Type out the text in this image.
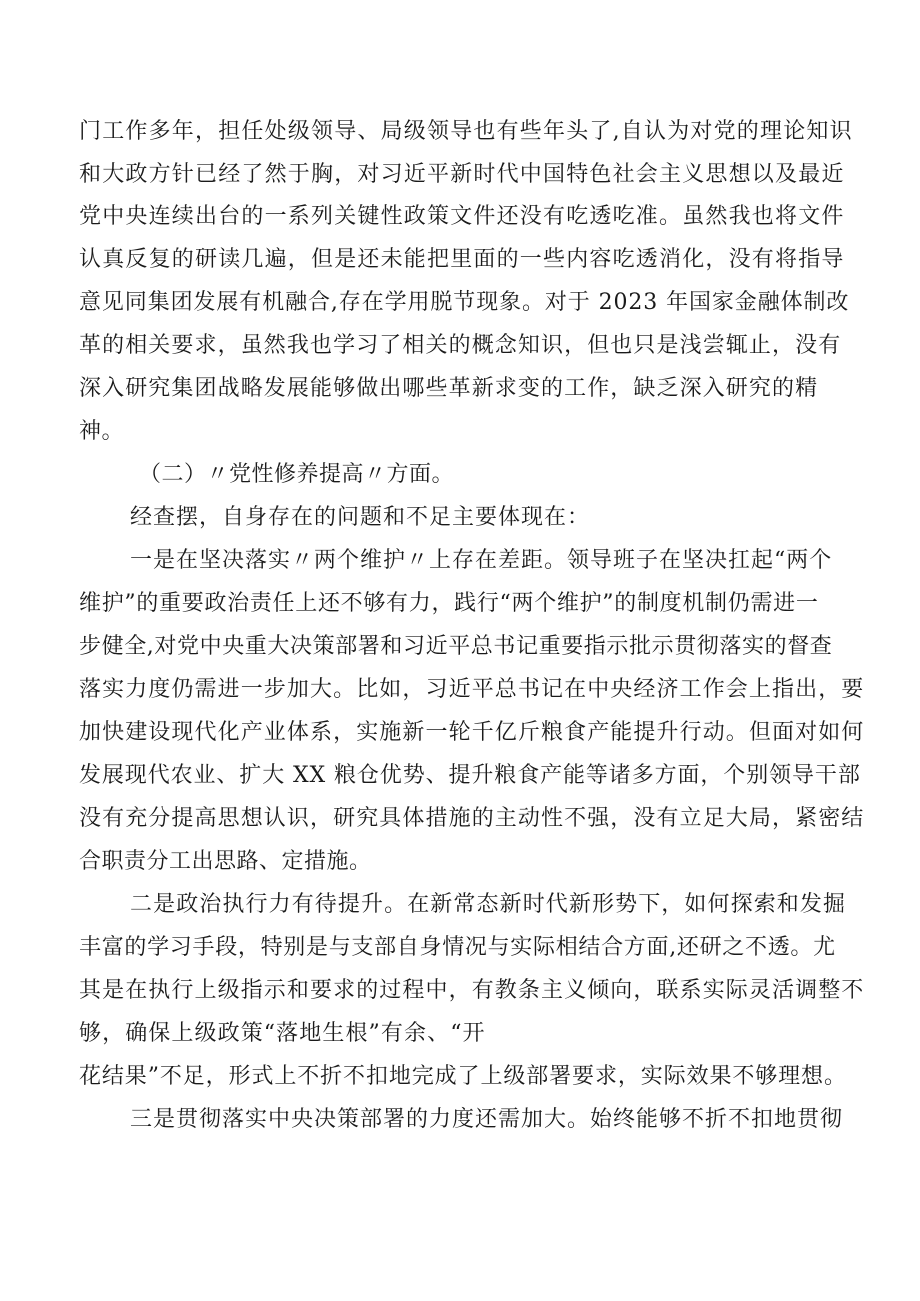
门工作多年，担任处级领导、局级领导也有些年头了,自认为对党的理论知识
和大政方针已经了然于胸，对习近平新时代中国特色社会主义思想以及最近
党中央连续出台的一系列关键性政策文件还没有吃透吃准。虽然我也将文件
认真反复的研读几遍，但是还未能把里面的一些内容吃透消化，没有将指导
意见同集团发展有机融合,存在学用脱节现象。对于 2023 年国家金融体制改
革的相关要求，虽然我也学习了相关的概念知识，但也只是浅尝辄止，没有
深入研究集团战略发展能够做出哪些革新求变的工作，缺乏深入研究的精
神。
（二）〃党性修养提高〃方面。
经查摆，自身存在的问题和不足主要体现在：
一是在坚决落实〃两个维护〃上存在差距。领导班子在坚决扛起“两个
维护”的重要政治责任上还不够有力，践行“两个维护”的制度机制仍需进一
步健全,对党中央重大决策部署和习近平总书记重要指示批示贯彻落实的督查
落实力度仍需进一步加大。比如，习近平总书记在中央经济工作会上指出，要
加快建设现代化产业体系，实施新一轮千亿斤粮食产能提升行动。但面对如何
发展现代农业、扩大 XX 粮仓优势、提升粮食产能等诸多方面，个别领导干部
没有充分提高思想认识，研究具体措施的主动性不强，没有立足大局，紧密结
合职责分工出思路、定措施。
二是政治执行力有待提升。在新常态新时代新形势下，如何探索和发掘
丰富的学习手段，特别是与支部自身情况与实际相结合方面,还研之不透。尤
其是在执行上级指示和要求的过程中，有教条主义倾向，联系实际灵活调整不
够，确保上级政策“落地生根”有余、“开
花结果”不足，形式上不折不扣地完成了上级部署要求，实际效果不够理想。
三是贯彻落实中央决策部署的力度还需加大。始终能够不折不扣地贯彻
